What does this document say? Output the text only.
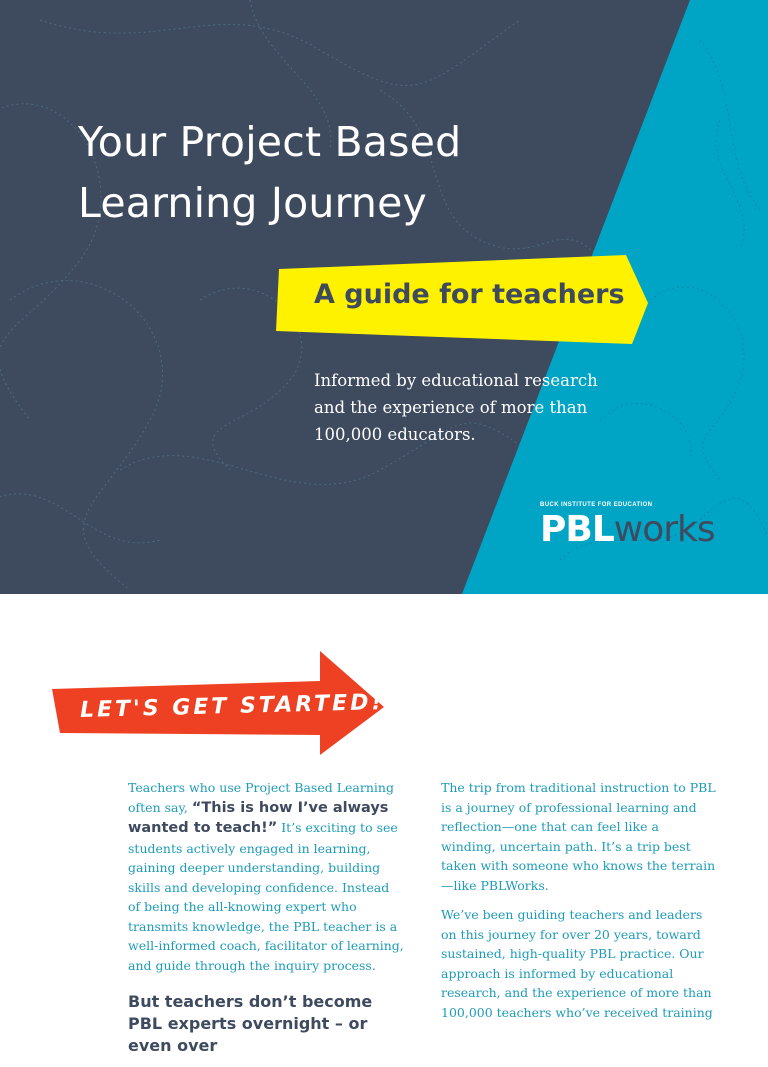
Your Project Based
Learning Journey
A guide for teachers

Informed by educational research and the experience of more than 100,000 educators.

BUCK INSTITUTE FOR EDUCATION
PBLworks
LET'S GET STARTED!

Teachers who use Project Based Learning often say, “This is how I’ve always wanted to teach!” It’s exciting to see students actively engaged in learning, gaining deeper understanding, building skills and developing confidence. Instead of being the all-knowing expert who transmits knowledge, the PBL teacher is a well-informed coach, facilitator of learning, and guide through the inquiry process.

But teachers don’t become PBL experts overnight – or even over

The trip from traditional instruction to PBL is a journey of professional learning and reflection—one that can feel like a winding, uncertain path. It’s a trip best taken with someone who knows the terrain—like PBLWorks.

We’ve been guiding teachers and leaders on this journey for over 20 years, toward sustained, high-quality PBL practice. Our approach is informed by educational research, and the experience of more than 100,000 teachers who’ve received training
